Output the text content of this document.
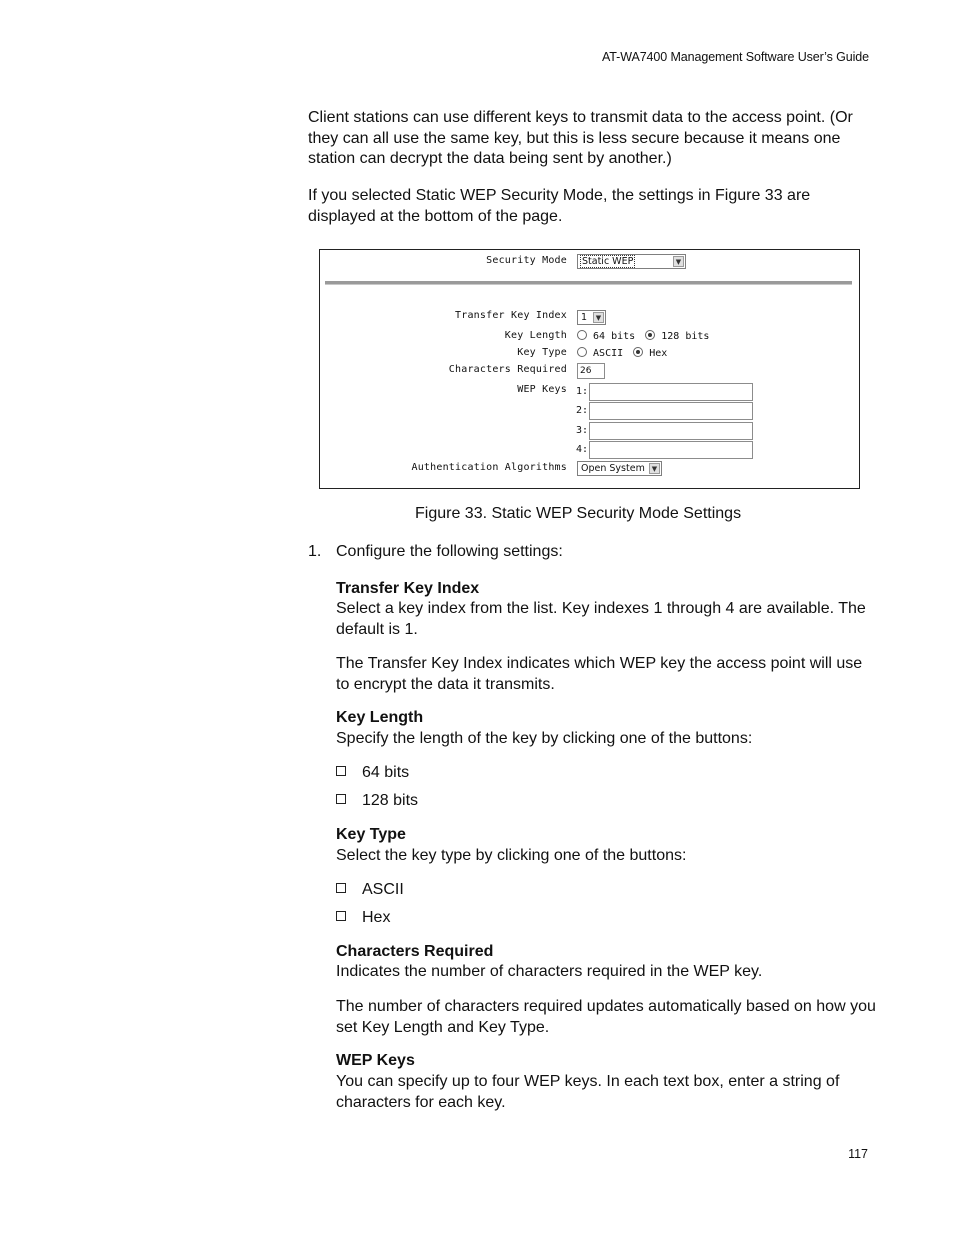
AT-WA7400 Management Software User’s Guide

Client stations can use different keys to transmit data to the access point. (Or they can all use the same key, but this is less secure because it means one station can decrypt the data being sent by another.)

If you selected Static WEP Security Mode, the settings in Figure 33 are displayed at the bottom of the page.

Security Mode	Static WEP	▼
Transfer Key Index	1	▼
Key Length	64 bits	128 bits
Key Type	ASCII	Hex
Characters Required	26
WEP Keys 1:
2:
3:
4:
Authentication Algorithms	Open System ▼
Figure 33. Static WEP Security Mode Settings
1. Configure the following settings:
Transfer Key Index
Select a key index from the list. Key indexes 1 through 4 are available. The default is 1.
The Transfer Key Index indicates which WEP key the access point will use to encrypt the data it transmits.
Key Length
Specify the length of the key by clicking one of the buttons:
64 bits
128 bits
Key Type
Select the key type by clicking one of the buttons:
ASCII
Hex
Characters Required
Indicates the number of characters required in the WEP key.
The number of characters required updates automatically based on how you set Key Length and Key Type.
WEP Keys
You can specify up to four WEP keys. In each text box, enter a string of characters for each key.
117
